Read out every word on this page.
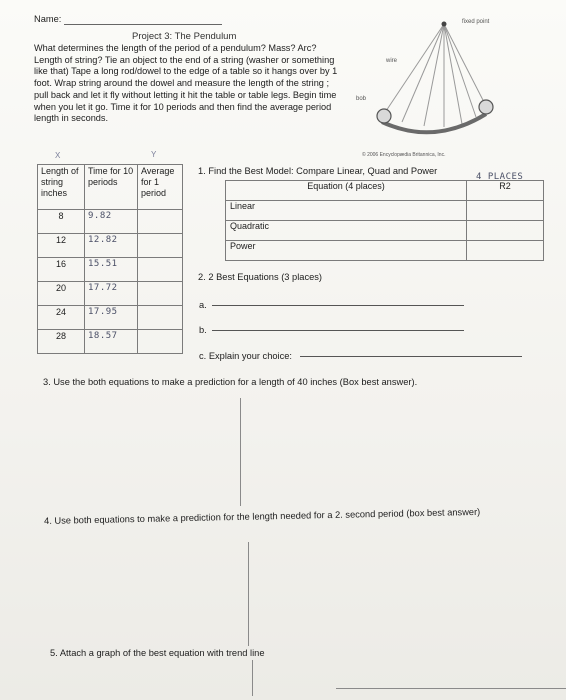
Name:
Project 3: The Pendulum
What determines the length of the period of a pendulum? Mass? Arc? Length of string? Tie an object to the end of a string (washer or something like that) Tape a long rod/dowel to the edge of a table so it hangs over by 1 foot. Wrap string around the dowel and measure the length of the string ; pull back and let it fly without letting it hit the table or table legs. Begin time when you let it go. Time it for 10 periods and then find the average period length in seconds.
fixed point
wire
bob
© 2006 Encyclopædia Britannica, Inc.
X	Y
Length of string inches	Time for 10 periods	Average for 1 period
8	9.82	
12	12.82	
16	15.51	
20	17.72	
24	17.95	
28	18.57	
1. Find the Best Model: Compare Linear, Quad and Power
4 PLACES
Equation (4 places)	R2
Linear	
Quadratic	
Power	
2. 2 Best Equations (3 places)
a.
b.
c. Explain your choice:
3. Use the both equations to make a prediction for a length of 40 inches (Box best answer).
4. Use both equations to make a prediction for the length needed for a 2. second period (box best answer)
5. Attach a graph of the best equation with trend line
